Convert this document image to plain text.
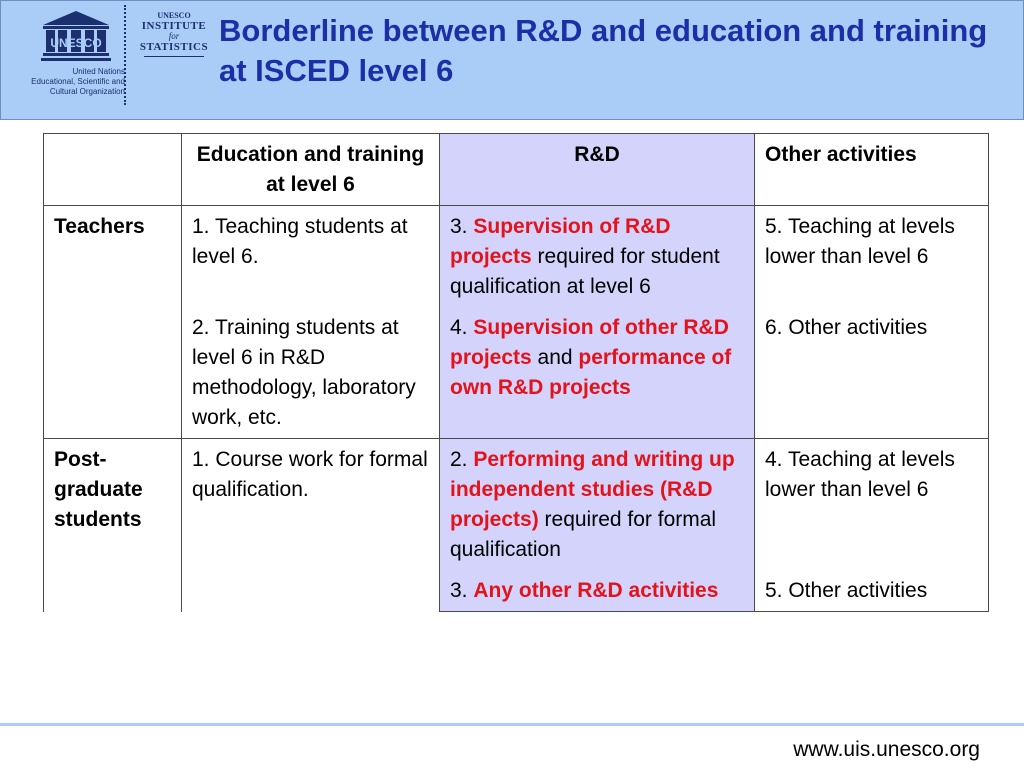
UNESCO
United Nations
Educational, Scientific and
Cultural Organization
UNESCO
INSTITUTE
for
STATISTICS Borderline between R&D and education and training at ISCED level 6
	Education and training at level 6	R&D	Other activities
Teachers	1. Teaching students at level 6.	3. Supervision of R&D projects required for student qualification at level 6	5. Teaching at levels lower than level 6
	2. Training students at level 6 in R&D methodology, laboratory work, etc.	4. Supervision of other R&D projects and performance of own R&D projects	6. Other activities
Post-graduate students	1. Course work for formal qualification.	2. Performing and writing up independent studies (R&D projects) required for formal qualification	4. Teaching at levels lower than level 6
		3. Any other R&D activities	5. Other activities
www.uis.unesco.org
